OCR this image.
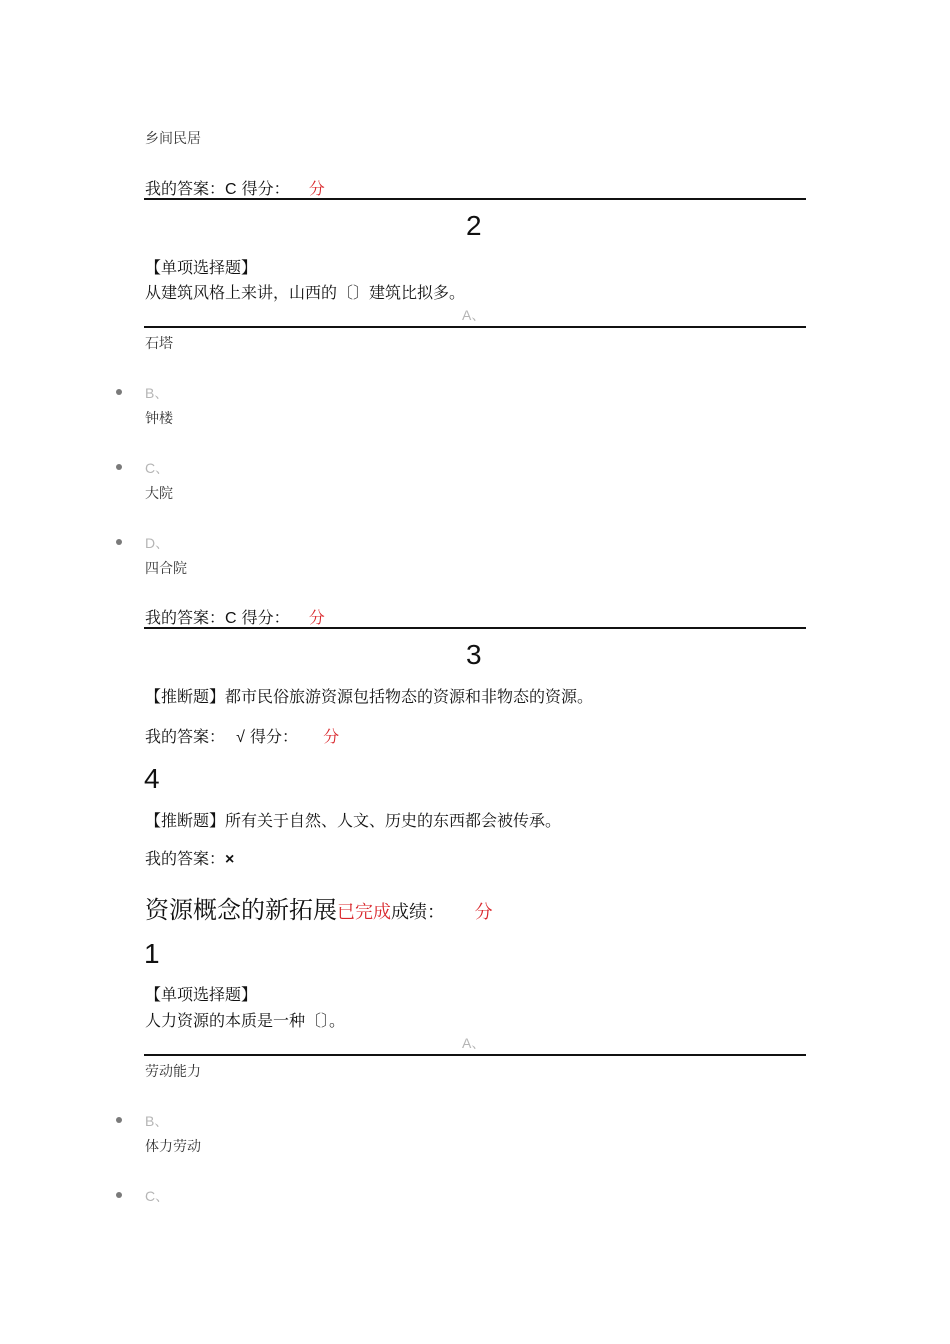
乡间民居
我的答案：C 得分： 分
2
【单项选择题】
从建筑风格上来讲，山西的〔〕建筑比拟多。
A、
石塔
B、
钟楼
C、
大院
D、
四合院
我的答案：C 得分： 分
3
【推断题】都市民俗旅游资源包括物态的资源和非物态的资源。
我的答案： √ 得分： 分
4
【推断题】所有关于自然、人文、历史的东西都会被传承。
我的答案：×
资源概念的新拓展已完成成绩： 分
1
【单项选择题】
人力资源的本质是一种〔〕。
A、
劳动能力
B、
体力劳动
C、
